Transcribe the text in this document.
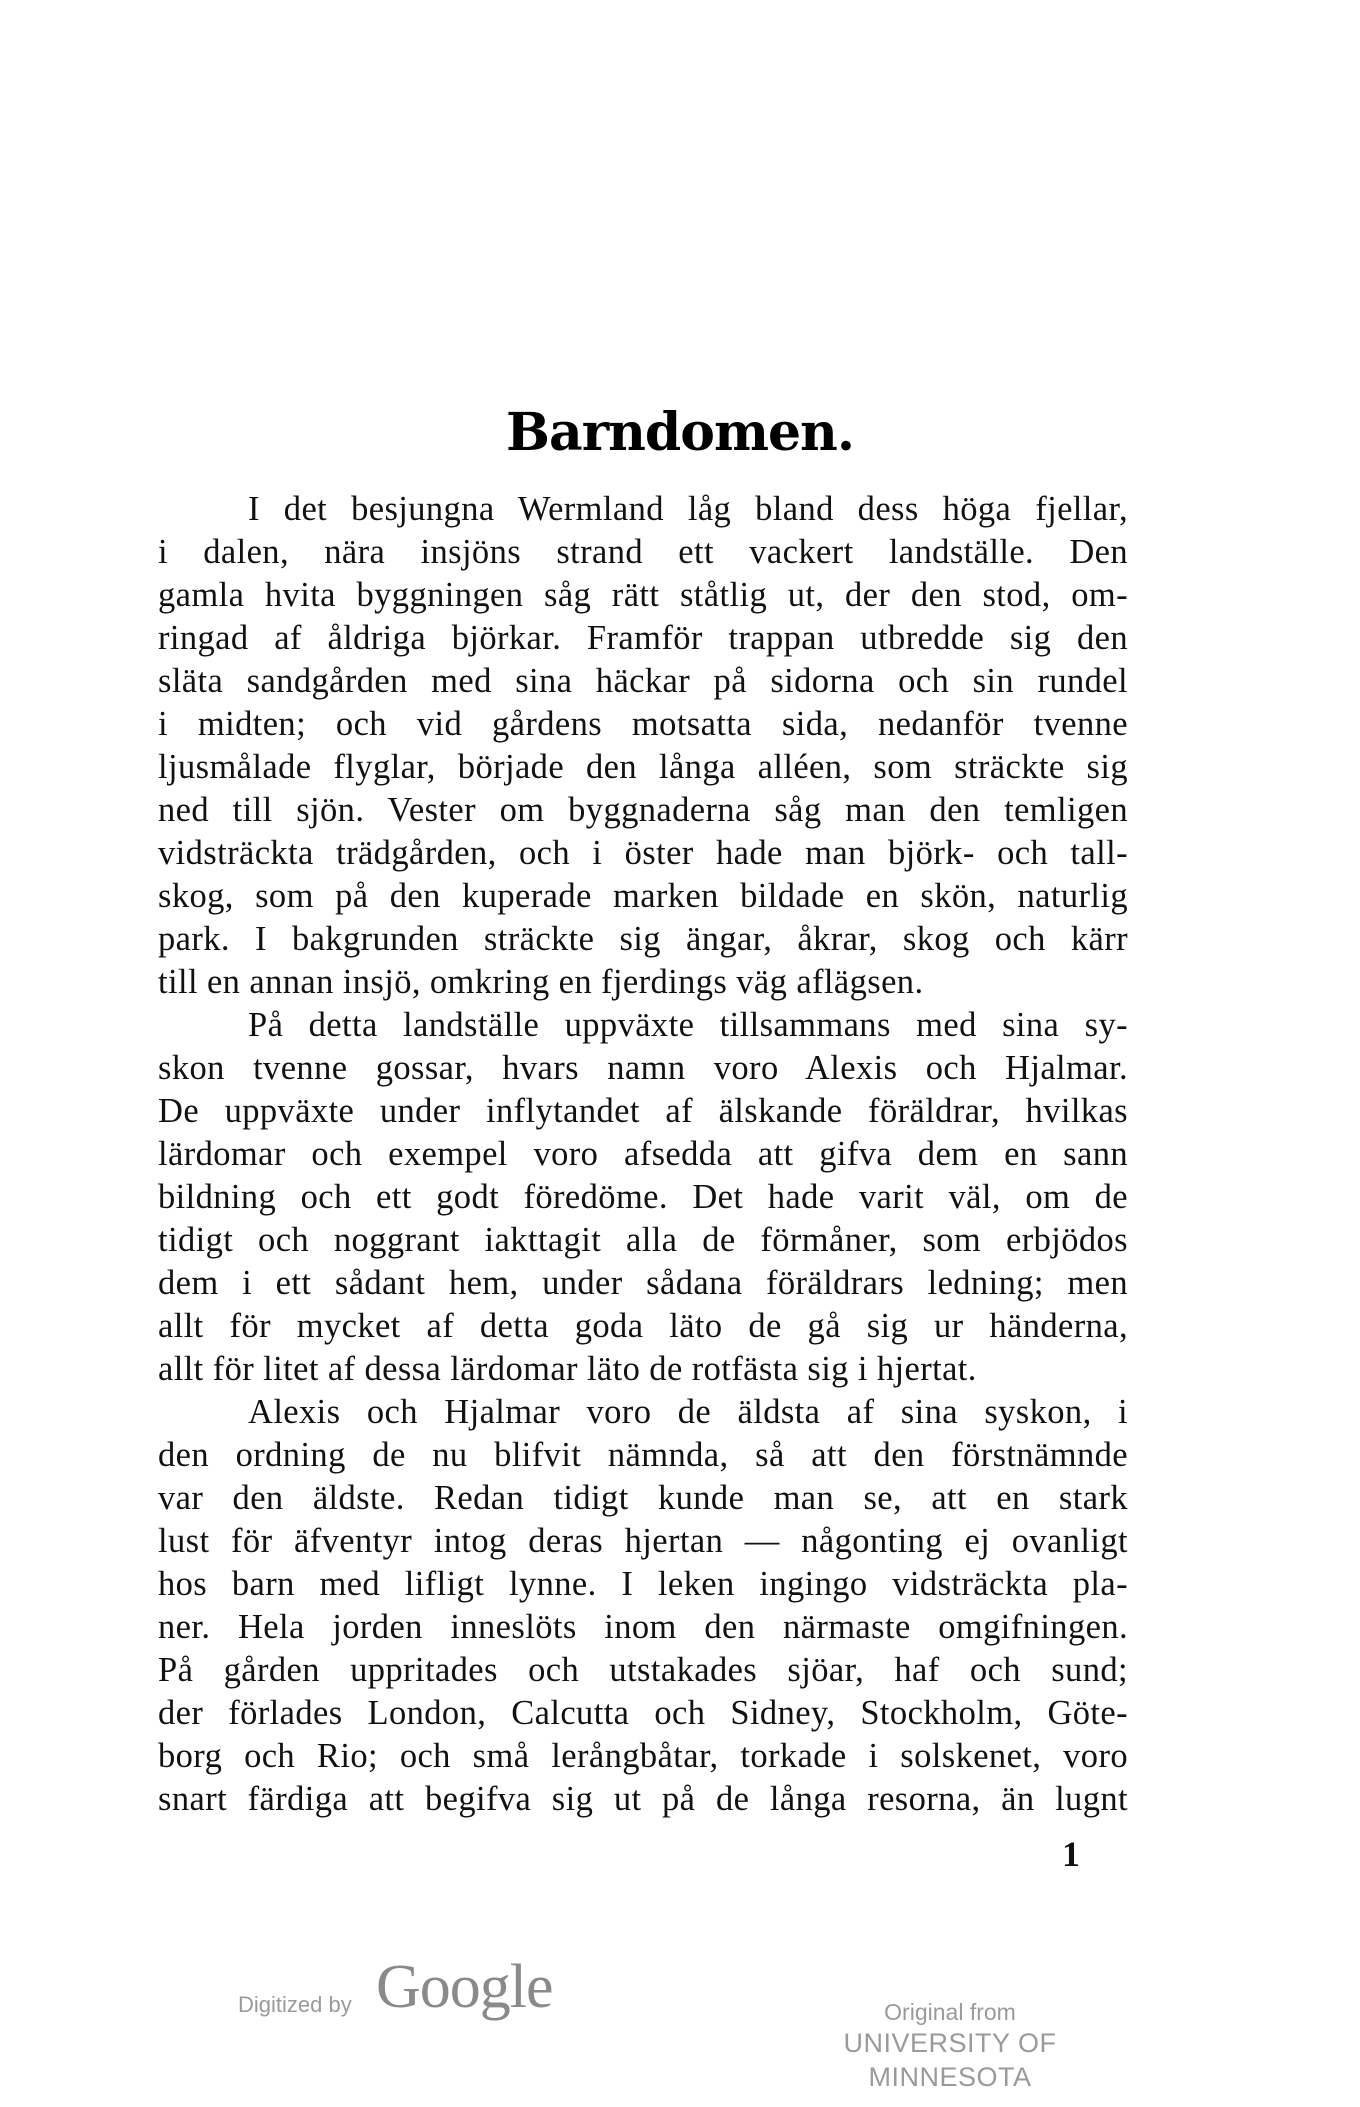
Barndomen.
I det besjungna Wermland låg bland dess höga fjellar,
i dalen, nära insjöns strand ett vackert landställe. Den
gamla hvita byggningen såg rätt ståtlig ut, der den stod, om-
ringad af åldriga björkar. Framför trappan utbredde sig den
släta sandgården med sina häckar på sidorna och sin rundel
i midten; och vid gårdens motsatta sida, nedanför tvenne
ljusmålade flyglar, började den långa alléen, som sträckte sig
ned till sjön. Vester om byggnaderna såg man den temligen
vidsträckta trädgården, och i öster hade man björk- och tall-
skog, som på den kuperade marken bildade en skön, naturlig
park. I bakgrunden sträckte sig ängar, åkrar, skog och kärr
till en annan insjö, omkring en fjerdings väg aflägsen.
På detta landställe uppväxte tillsammans med sina sy-
skon tvenne gossar, hvars namn voro Alexis och Hjalmar.
De uppväxte under inflytandet af älskande föräldrar, hvilkas
lärdomar och exempel voro afsedda att gifva dem en sann
bildning och ett godt föredöme. Det hade varit väl, om de
tidigt och noggrant iakttagit alla de förmåner, som erbjödos
dem i ett sådant hem, under sådana föräldrars ledning; men
allt för mycket af detta goda läto de gå sig ur händerna,
allt för litet af dessa lärdomar läto de rotfästa sig i hjertat.
Alexis och Hjalmar voro de äldsta af sina syskon, i
den ordning de nu blifvit nämnda, så att den förstnämnde
var den äldste. Redan tidigt kunde man se, att en stark
lust för äfventyr intog deras hjertan — någonting ej ovanligt
hos barn med lifligt lynne. I leken ingingo vidsträckta pla-
ner. Hela jorden inneslöts inom den närmaste omgifningen.
På gården uppritades och utstakades sjöar, haf och sund;
der förlades London, Calcutta och Sidney, Stockholm, Göte-
borg och Rio; och små lerångbåtar, torkade i solskenet, voro
snart färdiga att begifva sig ut på de långa resorna, än lugnt
1
Digitized by Google	Original from
UNIVERSITY OF MINNESOTA
